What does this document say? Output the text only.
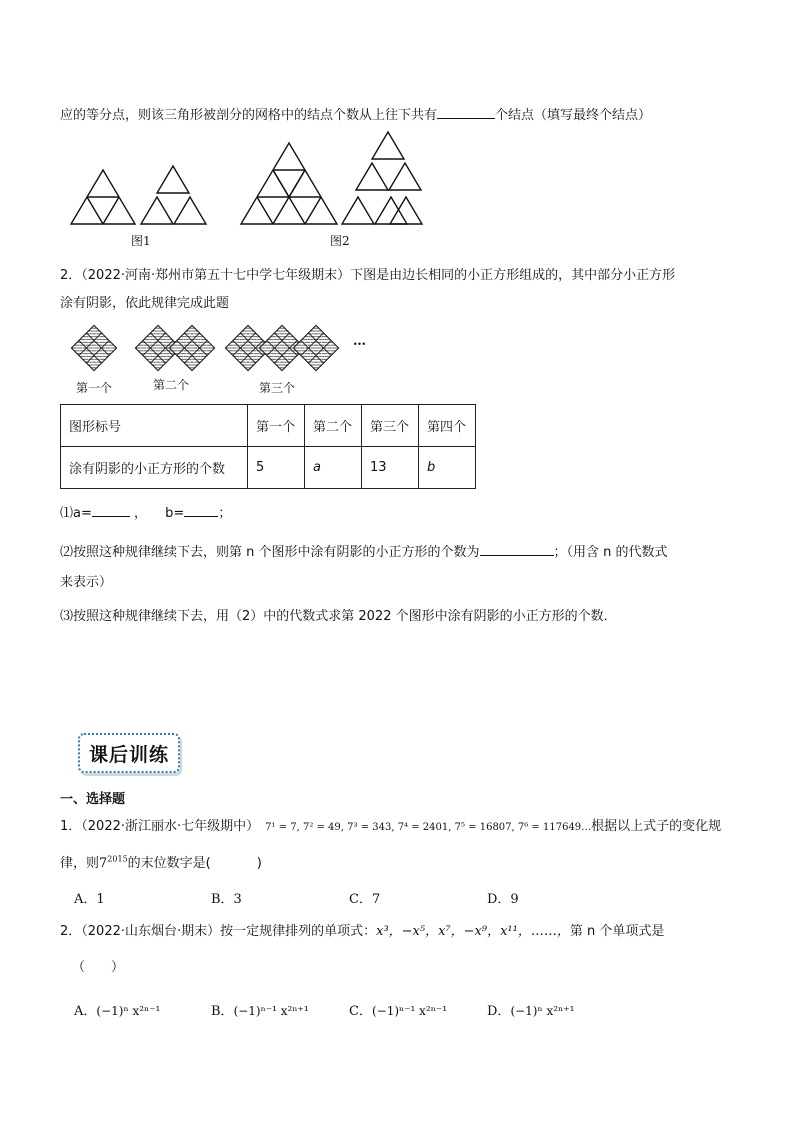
应的等分点，则该三角形被剖分的网格中的结点个数从上往下共有	个结点（填写最终个结点）
图1	图2
2．（2022·河南·郑州市第五十七中学七年级期末）下图是由边长相同的小正方形组成的，其中部分小正方形
涂有阴影，依此规律完成此题
…
第一个	第二个	第三个
图形标号	第一个	第二个	第三个	第四个
涂有阴影的小正方形的个数	5	a	13	b
⑴a=	， b=	；
⑵按照这种规律继续下去，则第 n 个图形中涂有阴影的小正方形的个数为	；（用含 n 的代数式
来表示）
⑶按照这种规律继续下去，用（2）中的代数式求第 2022 个图形中涂有阴影的小正方形的个数．
课后训练
一、选择题
1．（2022·浙江丽水·七年级期中） 7¹ = 7, 7² = 49, 7³ = 343, 7⁴ = 2401, 7⁵ = 16807, 7⁶ = 117649…根据以上式子的变化规
律，则$7^{2015}$的末位数字是(	)
A．1	B．3	C．7	D．9
2．（2022·山东烟台·期末）按一定规律排列的单项式：x³，−x⁵，x⁷，−x⁹，x¹¹，……，第 n 个单项式是
（　　）
A．(−1)ⁿ x²ⁿ⁻¹	B．(−1)ⁿ⁻¹ x²ⁿ⁺¹	C．(−1)ⁿ⁻¹ x²ⁿ⁻¹	D．(−1)ⁿ x²ⁿ⁺¹
